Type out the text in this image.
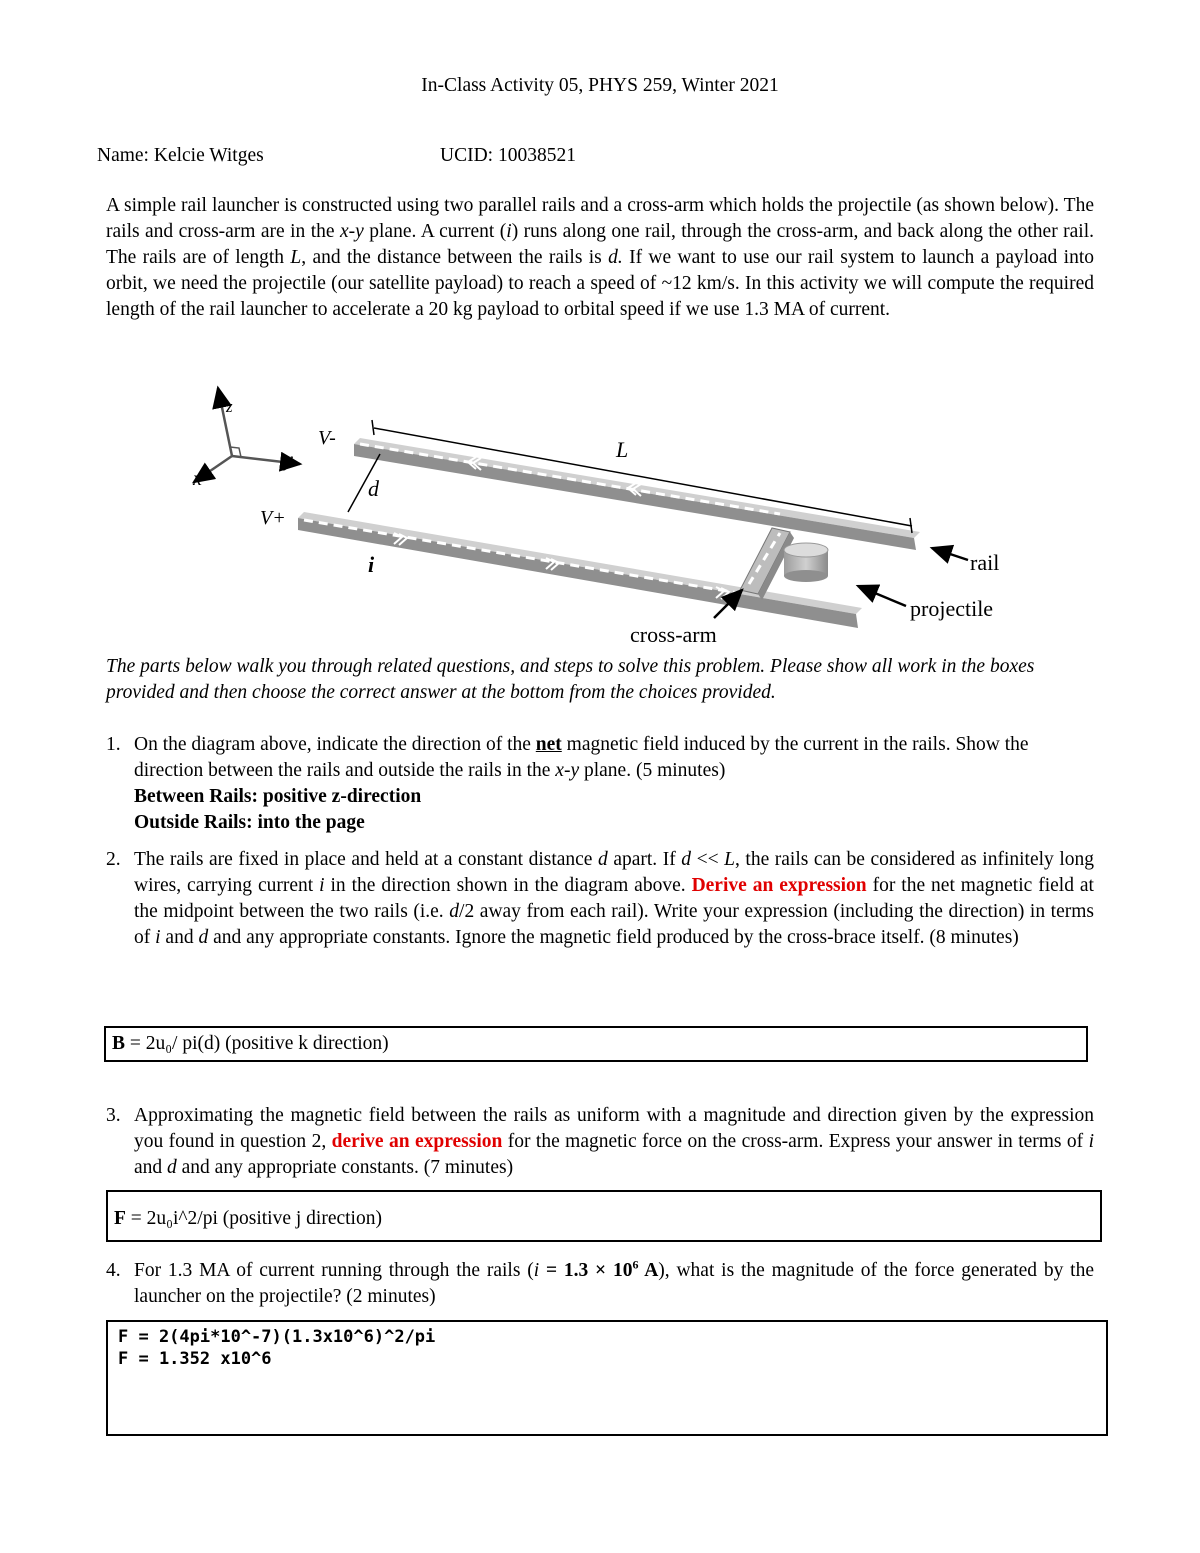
In-Class Activity 05, PHYS 259, Winter 2021
Name: Kelcie Witges	UCID: 10038521
A simple rail launcher is constructed using two parallel rails and a cross-arm which holds the projectile (as shown below). The rails and cross-arm are in the x-y plane. A current (i) runs along one rail, through the cross-arm, and back along the other rail. The rails are of length L, and the distance between the rails is d. If we want to use our rail system to launch a payload into orbit, we need the projectile (our satellite payload) to reach a speed of ~12 km/s. In this activity we will compute the required length of the rail launcher to accelerate a 20 kg payload to orbital speed if we use 1.3 MA of current.
z
y
x
V-
V+
L
d
i	rail
projectile
cross-arm
The parts below walk you through related questions, and steps to solve this problem. Please show all work in the boxes provided and then choose the correct answer at the bottom from the choices provided.
1. On the diagram above, indicate the direction of the net magnetic field induced by the current in the rails. Show the direction between the rails and outside the rails in the x-y plane. (5 minutes)
Between Rails: positive z-direction
Outside Rails: into the page
2. The rails are fixed in place and held at a constant distance d apart. If d << L, the rails can be considered as infinitely long wires, carrying current i in the direction shown in the diagram above. Derive an expression for the net magnetic field at the midpoint between the two rails (i.e. d/2 away from each rail). Write your expression (including the direction) in terms of i and d and any appropriate constants. Ignore the magnetic field produced by the cross-brace itself. (8 minutes)
B = 2u₀/ pi(d) (positive k direction)
3. Approximating the magnetic field between the rails as uniform with a magnitude and direction given by the expression you found in question 2, derive an expression for the magnetic force on the cross-arm. Express your answer in terms of i and d and any appropriate constants. (7 minutes)
F = 2u₀i^2/pi (positive j direction)
4. For 1.3 MA of current running through the rails ($i = 1.3 \times 10^6$ A), what is the magnitude of the force generated by the launcher on the projectile? (2 minutes)
F = 2(4pi*10^-7)(1.3x10^6)^2/pi
F = 1.352 x10^6
